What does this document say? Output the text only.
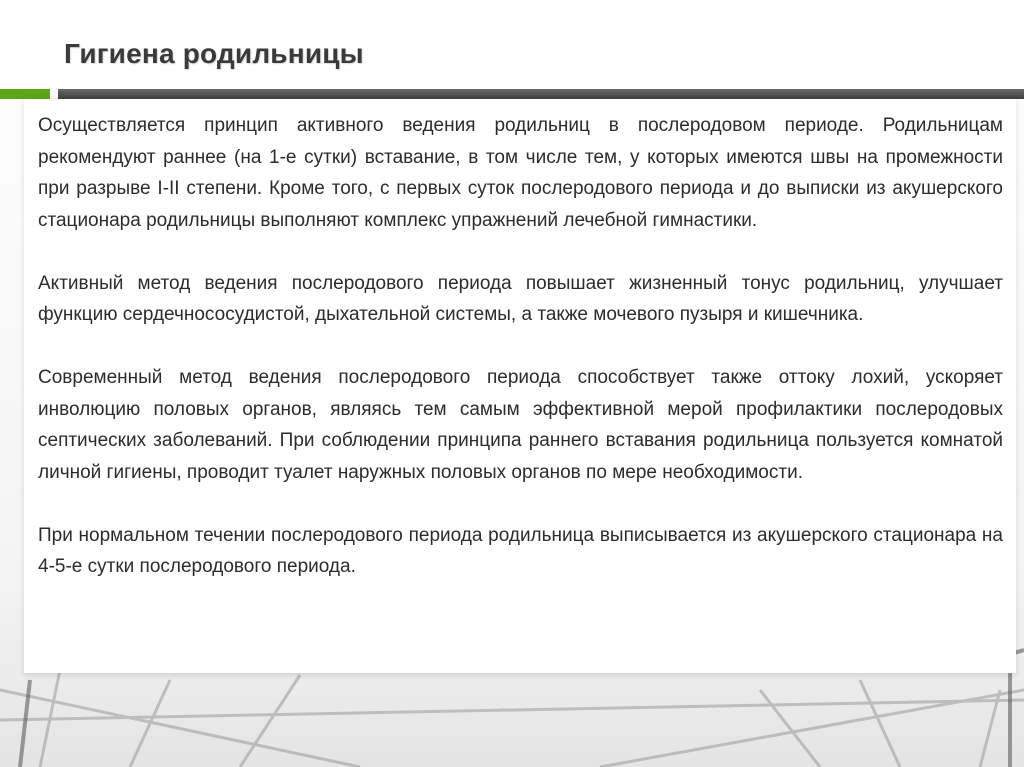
Гигиена родильницы

Осуществляется принцип активного ведения родильниц в послеродовом периоде. Родильницам рекомендуют раннее (на 1-е сутки) вставание, в том числе тем, у которых имеются швы на промежности при разрыве I-II степени. Кроме того, с первых суток послеродового периода и до выписки из акушерского стационара родильницы выполняют комплекс упражнений лечебной гимнастики.

Активный метод ведения послеродового периода повышает жизненный тонус родильниц, улучшает функцию сердечнососудистой, дыхательной системы, а также мочевого пузыря и кишечника.

Современный метод ведения послеродового периода способствует также оттоку лохий, ускоряет инволюцию половых органов, являясь тем самым эффективной мерой профилактики послеродовых септических заболеваний. При соблюдении принципа раннего вставания родильница пользуется комнатой личной гигиены, проводит туалет наружных половых органов по мере необходимости.

При нормальном течении послеродового периода родильница выписывается из акушерского стационара на 4-5-е сутки послеродового периода.
